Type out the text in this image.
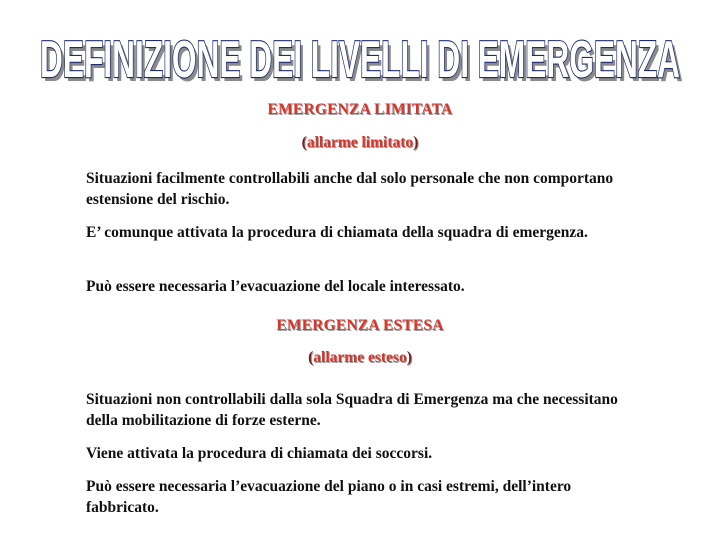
DEFINIZIONE DEI LIVELLI DI EMERGENZA
DEFINIZIONE DEI LIVELLI DI EMERGENZA
EMERGENZA LIMITATA
(allarme limitato)
Situazioni facilmente controllabili anche dal solo personale che non comportano estensione del rischio.
E’ comunque attivata la procedura di chiamata della squadra di emergenza.
Può essere necessaria l’evacuazione del locale interessato.
EMERGENZA ESTESA
(allarme esteso)
Situazioni non controllabili dalla sola Squadra di Emergenza ma che necessitano della mobilitazione di forze esterne.
Viene attivata la procedura di chiamata dei soccorsi.
Può essere necessaria l’evacuazione del piano o in casi estremi, dell’intero fabbricato.
